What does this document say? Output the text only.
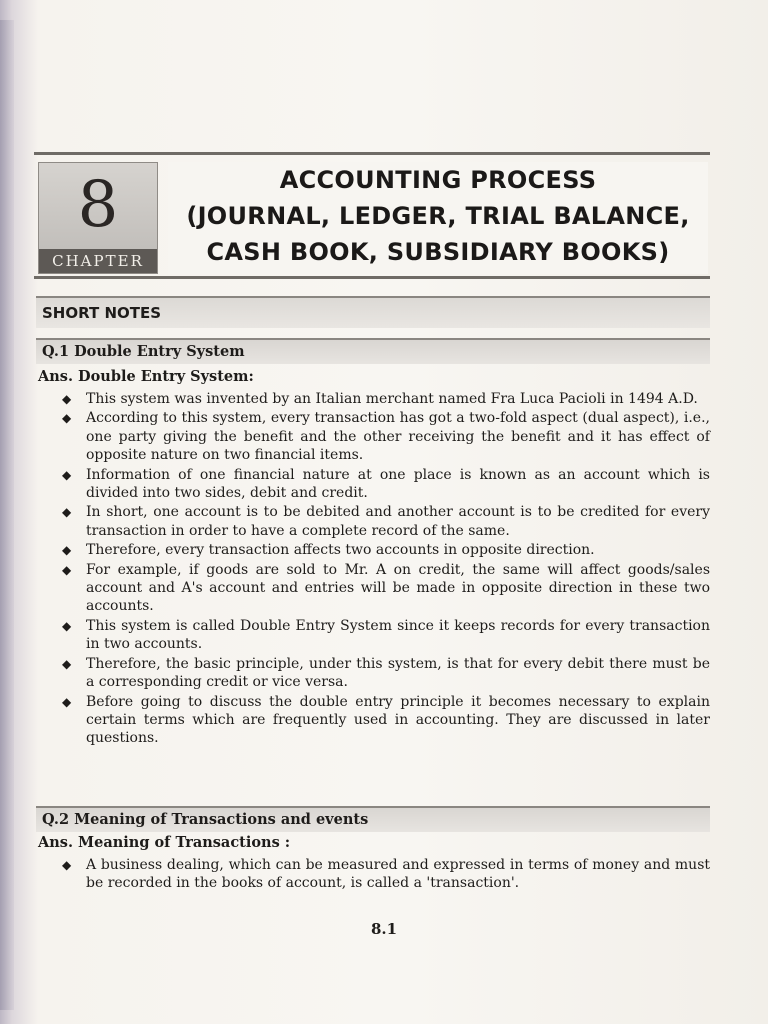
8
CHAPTER
ACCOUNTING PROCESS
(JOURNAL, LEDGER, TRIAL BALANCE,
CASH BOOK, SUBSIDIARY BOOKS)
SHORT NOTES
Q.1 Double Entry System
Ans. Double Entry System:
◆ This system was invented by an Italian merchant named Fra Luca Pacioli in 1494 A.D.
◆ According to this system, every transaction has got a two-fold aspect (dual aspect), i.e., one party giving the benefit and the other receiving the benefit and it has effect of opposite nature on two financial items.
◆ Information of one financial nature at one place is known as an account which is divided into two sides, debit and credit.
◆ In short, one account is to be debited and another account is to be credited for every transaction in order to have a complete record of the same.
◆ Therefore, every transaction affects two accounts in opposite direction.
◆ For example, if goods are sold to Mr. A on credit, the same will affect goods/sales account and A's account and entries will be made in opposite direction in these two accounts.
◆ This system is called Double Entry System since it keeps records for every transaction in two accounts.
◆ Therefore, the basic principle, under this system, is that for every debit there must be a corresponding credit or vice versa.
◆ Before going to discuss the double entry principle it becomes necessary to explain certain terms which are frequently used in accounting. They are discussed in later questions.
Q.2 Meaning of Transactions and events
Ans. Meaning of Transactions :
◆ A business dealing, which can be measured and expressed in terms of money and must be recorded in the books of account, is called a 'transaction'.
8.1
